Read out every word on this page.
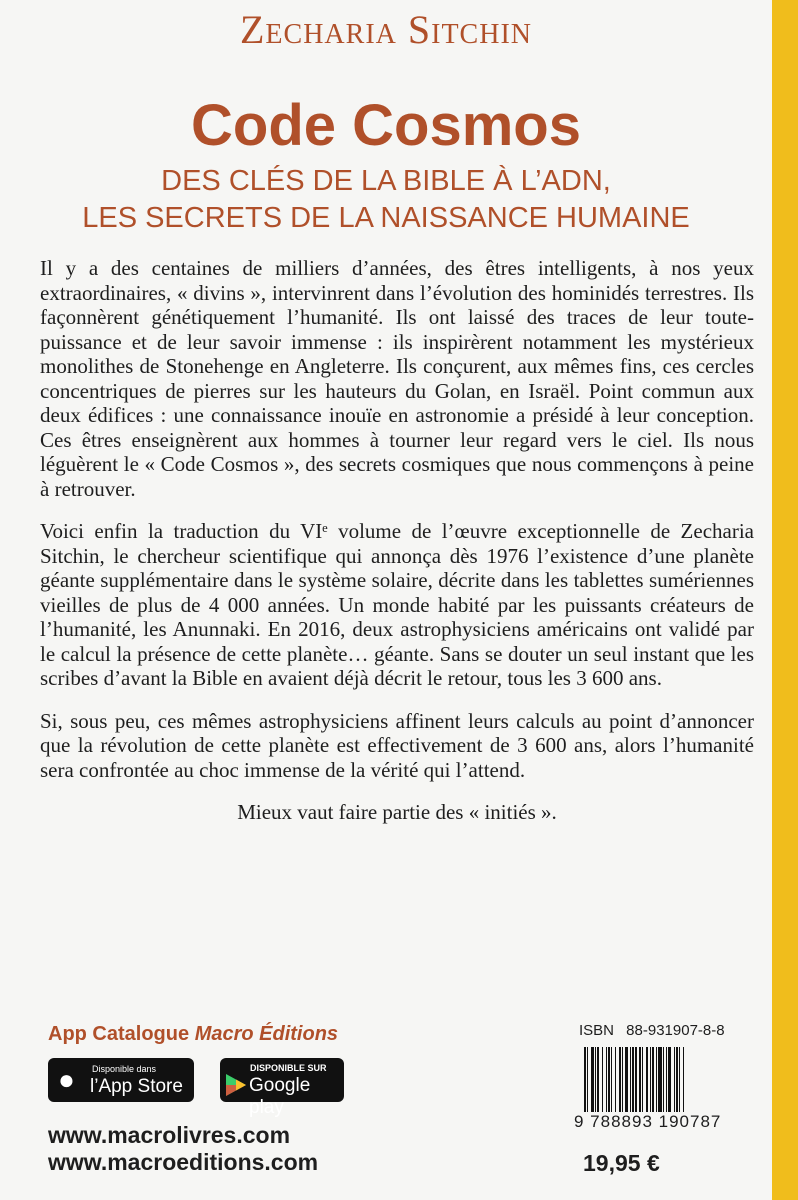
Zecharia Sitchin
Code Cosmos
DES CLÉS DE LA BIBLE À L’ADN,
LES SECRETS DE LA NAISSANCE HUMAINE

Il y a des centaines de milliers d’années, des êtres intelligents, à nos yeux extraordinaires, « divins », intervinrent dans l’évolution des hominidés terrestres. Ils façonnèrent génétiquement l’humanité. Ils ont laissé des traces de leur toute-puissance et de leur savoir immense : ils inspirèrent notamment les mystérieux monolithes de Stonehenge en Angleterre. Ils conçurent, aux mêmes fins, ces cercles concentriques de pierres sur les hauteurs du Golan, en Israël. Point commun aux deux édifices : une connaissance inouïe en astronomie a présidé à leur conception. Ces êtres enseignèrent aux hommes à tourner leur regard vers le ciel. Ils nous léguèrent le « Code Cosmos », des secrets cosmiques que nous commençons à peine à retrouver.

Voici enfin la traduction du VIᵉ volume de l’œuvre exceptionnelle de Zecharia Sitchin, le chercheur scientifique qui annonça dès 1976 l’existence d’une planète géante supplémentaire dans le système solaire, décrite dans les tablettes sumériennes vieilles de plus de 4 000 années. Un monde habité par les puissants créateurs de l’humanité, les Anunnaki. En 2016, deux astrophysiciens américains ont validé par le calcul la présence de cette planète… géante. Sans se douter un seul instant que les scribes d’avant la Bible en avaient déjà décrit le retour, tous les 3 600 ans.

Si, sous peu, ces mêmes astrophysiciens affinent leurs calculs au point d’annoncer que la révolution de cette planète est effectivement de 3 600 ans, alors l’humanité sera confrontée au choc immense de la vérité qui l’attend.

Mieux vaut faire partie des « initiés ».

App Catalogue Macro Éditions
● Disponible dans
l’App Store
DISPONIBLE SUR
Google play
www.macrolivres.com
www.macroeditions.com
ISBN 88-931907-8-8
9 788893 190787
19,95 €
